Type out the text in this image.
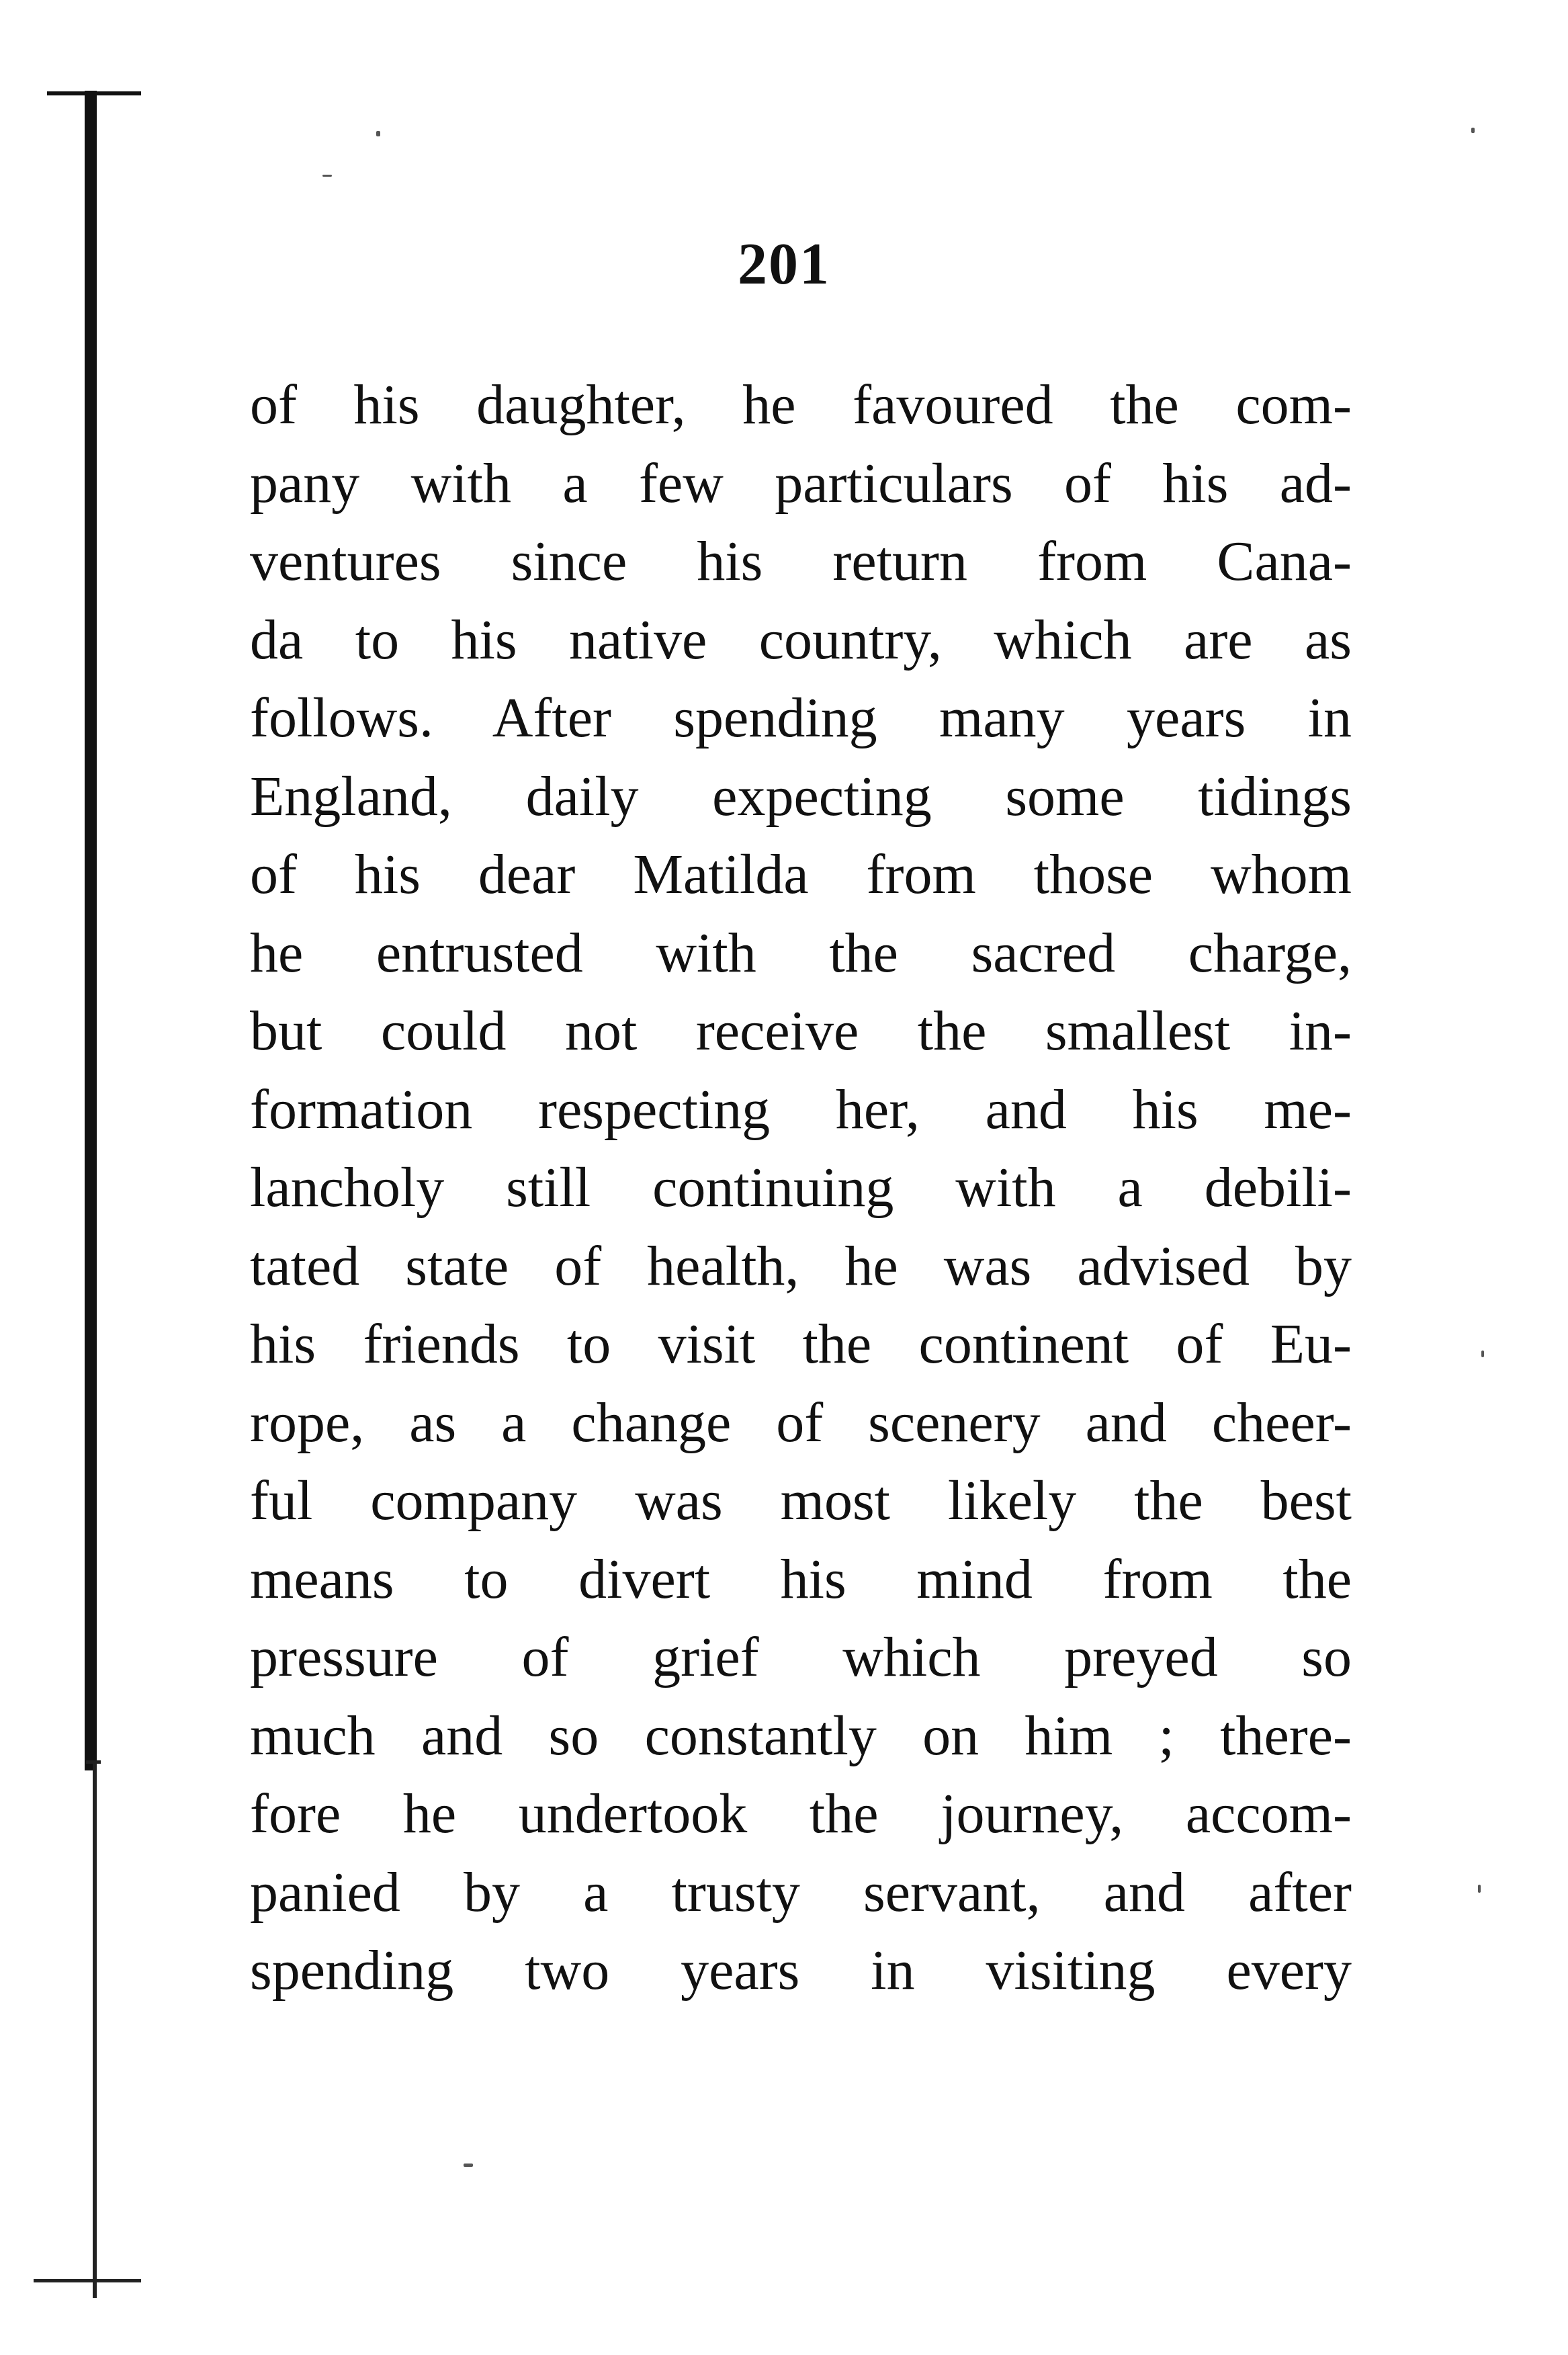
201
of his daughter, he favoured the com-
pany with a few particulars of his ad-
ventures since his return from Cana-
da to his native country, which are as
follows. After spending many years in
England, daily expecting some tidings
of his dear Matilda from those whom
he entrusted with the sacred charge,
but could not receive the smallest in-
formation respecting her, and his me-
lancholy still continuing with a debili-
tated state of health, he was advised by
his friends to visit the continent of Eu-
rope, as a change of scenery and cheer-
ful company was most likely the best
means to divert his mind from the
pressure of grief which preyed so
much and so constantly on him ; there-
fore he undertook the journey, accom-
panied by a trusty servant, and after
spending two years in visiting every
